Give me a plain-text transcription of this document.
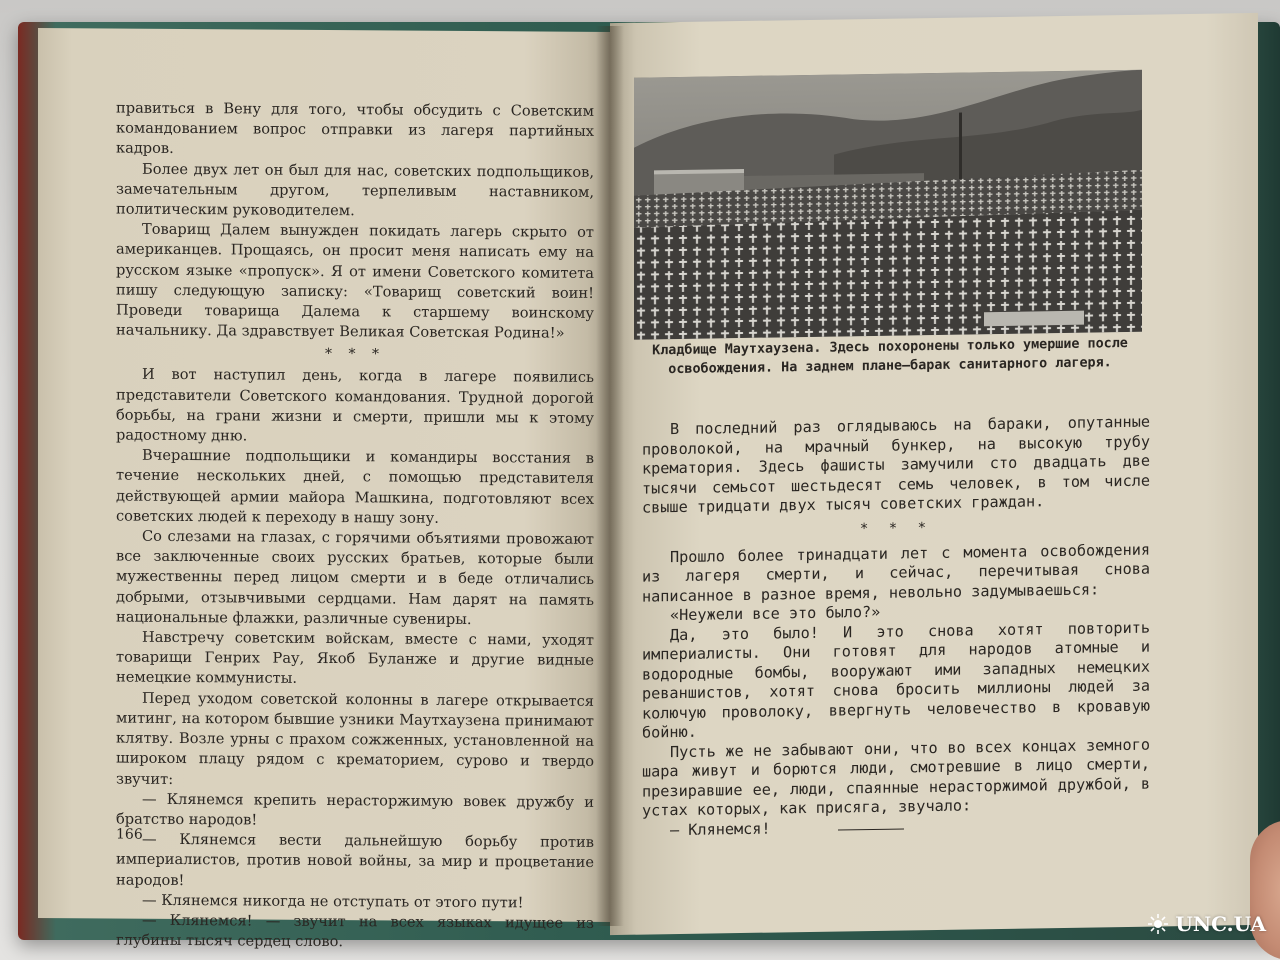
правиться в Вену для того, чтобы обсудить с Советским командованием вопрос отправки из лагеря партийных кадров.

Более двух лет он был для нас, советских подпольщиков, замечательным другом, терпеливым наставником, политическим руководителем.

Товарищ Далем вынужден покидать лагерь скрыто от американцев. Прощаясь, он просит меня написать ему на русском языке «пропуск». Я от имени Советского комитета пишу следующую записку: «Товарищ советский воин! Проведи товарища Далема к старшему воинскому начальнику. Да здравствует Великая Советская Родина!»

* * *

И вот наступил день, когда в лагере появились представители Советского командования. Трудной дорогой борьбы, на грани жизни и смерти, пришли мы к этому радостному дню.

Вчерашние подпольщики и командиры восстания в течение нескольких дней, с помощью представителя действующей армии майора Машкина, подготовляют всех советских людей к переходу в нашу зону.

Со слезами на глазах, с горячими объятиями провожают все заключенные своих русских братьев, которые были мужественны перед лицом смерти и в беде отличались добрыми, отзывчивыми сердцами. Нам дарят на память национальные флажки, различные сувениры.

Навстречу советским войскам, вместе с нами, уходят товарищи Генрих Рау, Якоб Буланже и другие видные немецкие коммунисты.

Перед уходом советской колонны в лагере открывается митинг, на котором бывшие узники Маутхаузена принимают клятву. Возле урны с прахом сожженных, установленной на широком плацу рядом с крематорием, сурово и твердо звучит:

— Клянемся крепить нерасторжимую вовек дружбу и братство народов!

— Клянемся вести дальнейшую борьбу против империалистов, против новой войны, за мир и процветание народов!

— Клянемся никогда не отступать от этого пути!

— Клянемся! — звучит на всех языках идущее из глубины тысяч сердец слово.

166
Кладбище Маутхаузена. Здесь похоронены только умершие после освобождения. На заднем плане—барак санитарного лагеря.

В последний раз оглядываюсь на бараки, опутанные проволокой, на мрачный бункер, на высокую трубу крематория. Здесь фашисты замучили сто двадцать две тысячи семьсот шестьдесят семь человек, в том числе свыше тридцати двух тысяч советских граждан.

* * *

Прошло более тринадцати лет с момента освобождения из лагеря смерти, и сейчас, перечитывая снова написанное в разное время, невольно задумываешься:

«Неужели все это было?»

Да, это было! И это снова хотят повторить империалисты. Они готовят для народов атомные и водородные бомбы, вооружают ими западных немецких реваншистов, хотят снова бросить миллионы людей за колючую проволоку, ввергнуть человечество в кровавую бойню.

Пусть же не забывают они, что во всех концах земного шара живут и борются люди, смотревшие в лицо смерти, презиравшие ее, люди, спаянные нерасторжимой дружбой, в устах которых, как присяга, звучало:

— Клянемся!

UNC.UA
